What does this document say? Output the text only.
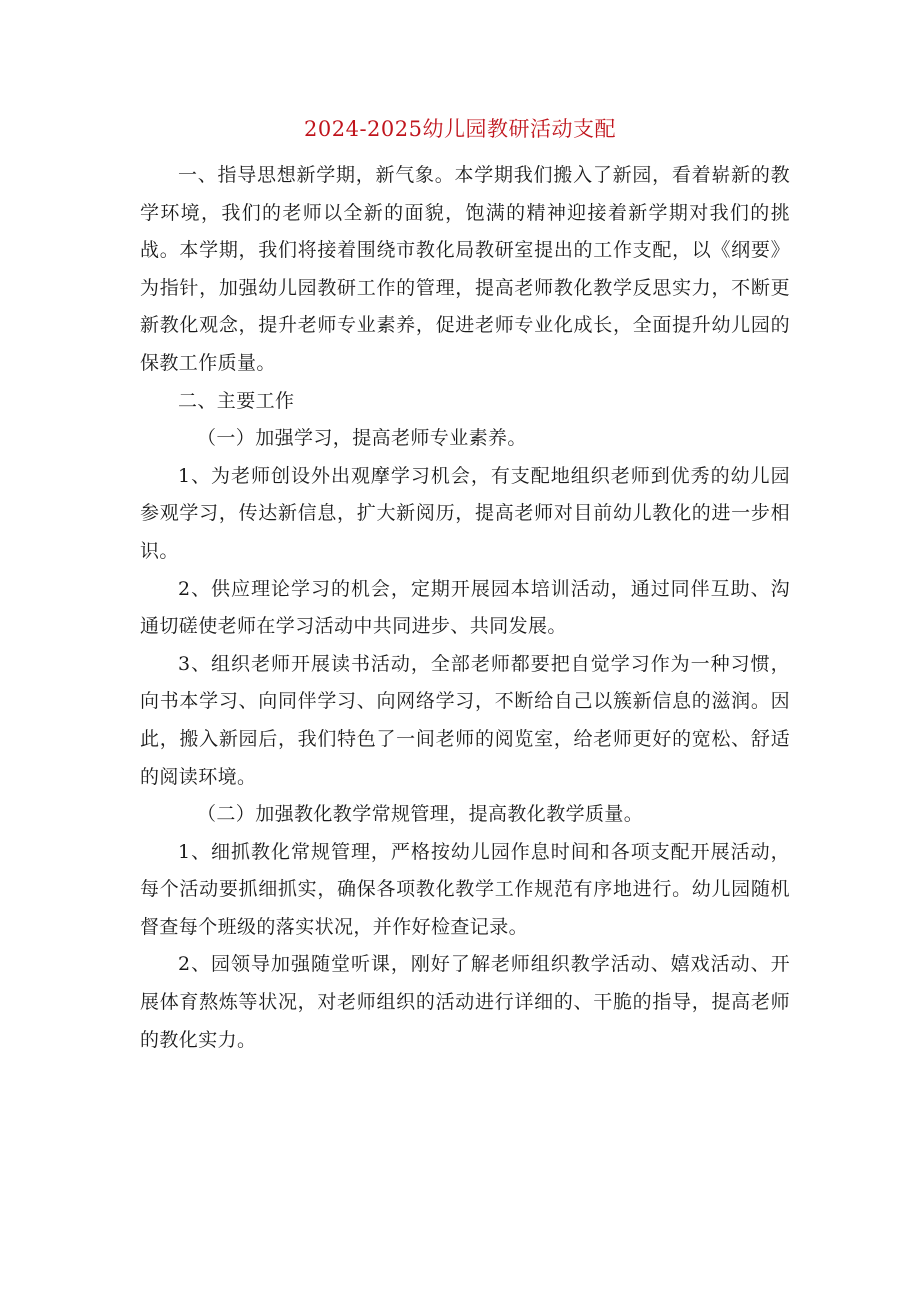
2024-2025幼儿园教研活动支配

一、指导思想新学期，新气象。本学期我们搬入了新园，看着崭新的教学环境，我们的老师以全新的面貌，饱满的精神迎接着新学期对我们的挑战。本学期，我们将接着围绕市教化局教研室提出的工作支配，以《纲要》为指针，加强幼儿园教研工作的管理，提高老师教化教学反思实力，不断更新教化观念，提升老师专业素养，促进老师专业化成长，全面提升幼儿园的保教工作质量。

二、主要工作

（一）加强学习，提高老师专业素养。

1、为老师创设外出观摩学习机会，有支配地组织老师到优秀的幼儿园参观学习，传达新信息，扩大新阅历，提高老师对目前幼儿教化的进一步相识。

2、供应理论学习的机会，定期开展园本培训活动，通过同伴互助、沟通切磋使老师在学习活动中共同进步、共同发展。

3、组织老师开展读书活动，全部老师都要把自觉学习作为一种习惯，向书本学习、向同伴学习、向网络学习，不断给自己以簇新信息的滋润。因此，搬入新园后，我们特色了一间老师的阅览室，给老师更好的宽松、舒适的阅读环境。

（二）加强教化教学常规管理，提高教化教学质量。

1、细抓教化常规管理，严格按幼儿园作息时间和各项支配开展活动，每个活动要抓细抓实，确保各项教化教学工作规范有序地进行。幼儿园随机督查每个班级的落实状况，并作好检查记录。

2、园领导加强随堂听课，刚好了解老师组织教学活动、嬉戏活动、开展体育熬炼等状况，对老师组织的活动进行详细的、干脆的指导，提高老师的教化实力。
